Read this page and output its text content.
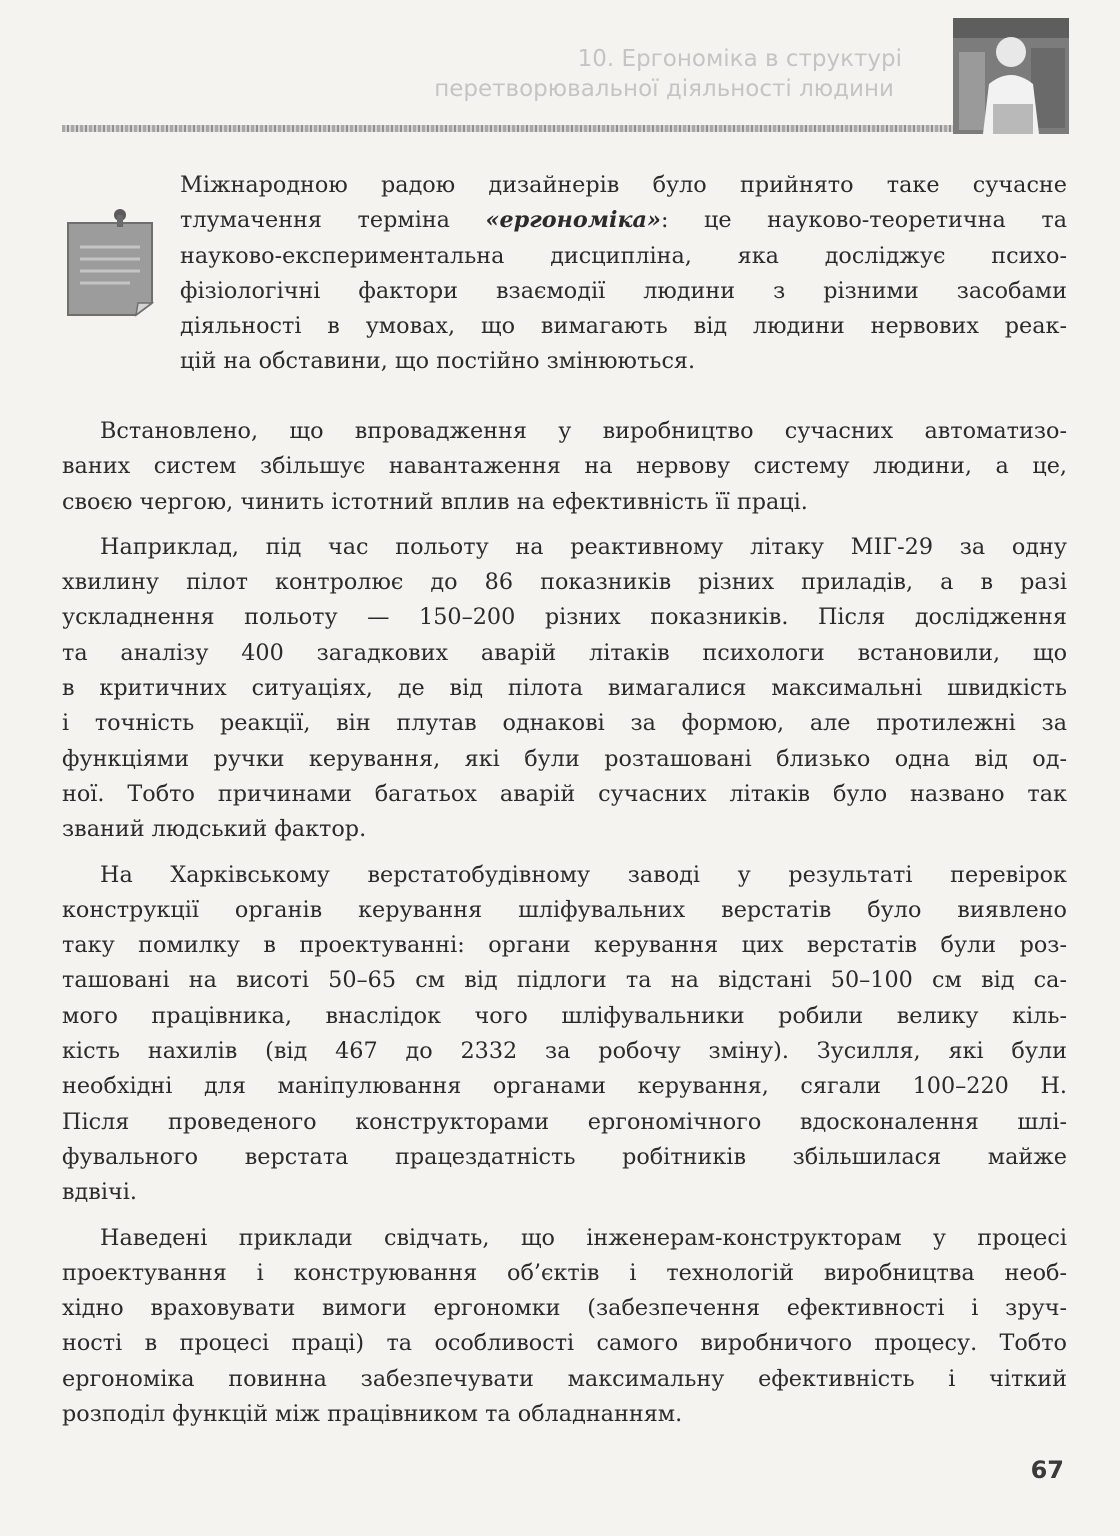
10. Ергономіка в структурі
перетворювальної діяльності людини
Міжнародною радою дизайнерів було прийнято таке сучасне
тлумачення терміна «ергономіка»: це науково-теоретична та
науково-експериментальна дисципліна, яка досліджує психо-
фізіологічні фактори взаємодії людини з різними засобами
діяльності в умовах, що вимагають від людини нервових реак-
цій на обставини, що постійно змінюються.
Встановлено, що впровадження у виробництво сучасних автоматизо-
ваних систем збільшує навантаження на нервову систему людини, а це,
своєю чергою, чинить істотний вплив на ефективність її праці.
Наприклад, під час польоту на реактивному літаку МІГ-29 за одну
хвилину пілот контролює до 86 показників різних приладів, а в разі
ускладнення польоту — 150–200 різних показників. Після дослідження
та аналізу 400 загадкових аварій літаків психологи встановили, що
в критичних ситуаціях, де від пілота вимагалися максимальні швидкість
і точність реакції, він плутав однакові за формою, але протилежні за
функціями ручки керування, які були розташовані близько одна від од-
ної. Тобто причинами багатьох аварій сучасних літаків було названо так
званий людський фактор.
На Харківському верстатобудівному заводі у результаті перевірок
конструкції органів керування шліфувальних верстатів було виявлено
таку помилку в проектуванні: органи керування цих верстатів були роз-
ташовані на висоті 50–65 см від підлоги та на відстані 50–100 см від са-
мого працівника, внаслідок чого шліфувальники робили велику кіль-
кість нахилів (від 467 до 2332 за робочу зміну). Зусилля, які були
необхідні для маніпулювання органами керування, сягали 100–220 Н.
Після проведеного конструкторами ергономічного вдосконалення шлі-
фувального верстата працездатність робітників збільшилася майже
вдвічі.
Наведені приклади свідчать, що інженерам-конструкторам у процесі
проектування і конструювання об’єктів і технологій виробництва необ-
хідно враховувати вимоги ергономки (забезпечення ефективності і зруч-
ності в процесі праці) та особливості самого виробничого процесу. Тобто
ергономіка повинна забезпечувати максимальну ефективність і чіткий
розподіл функцій між працівником та обладнанням.
67
